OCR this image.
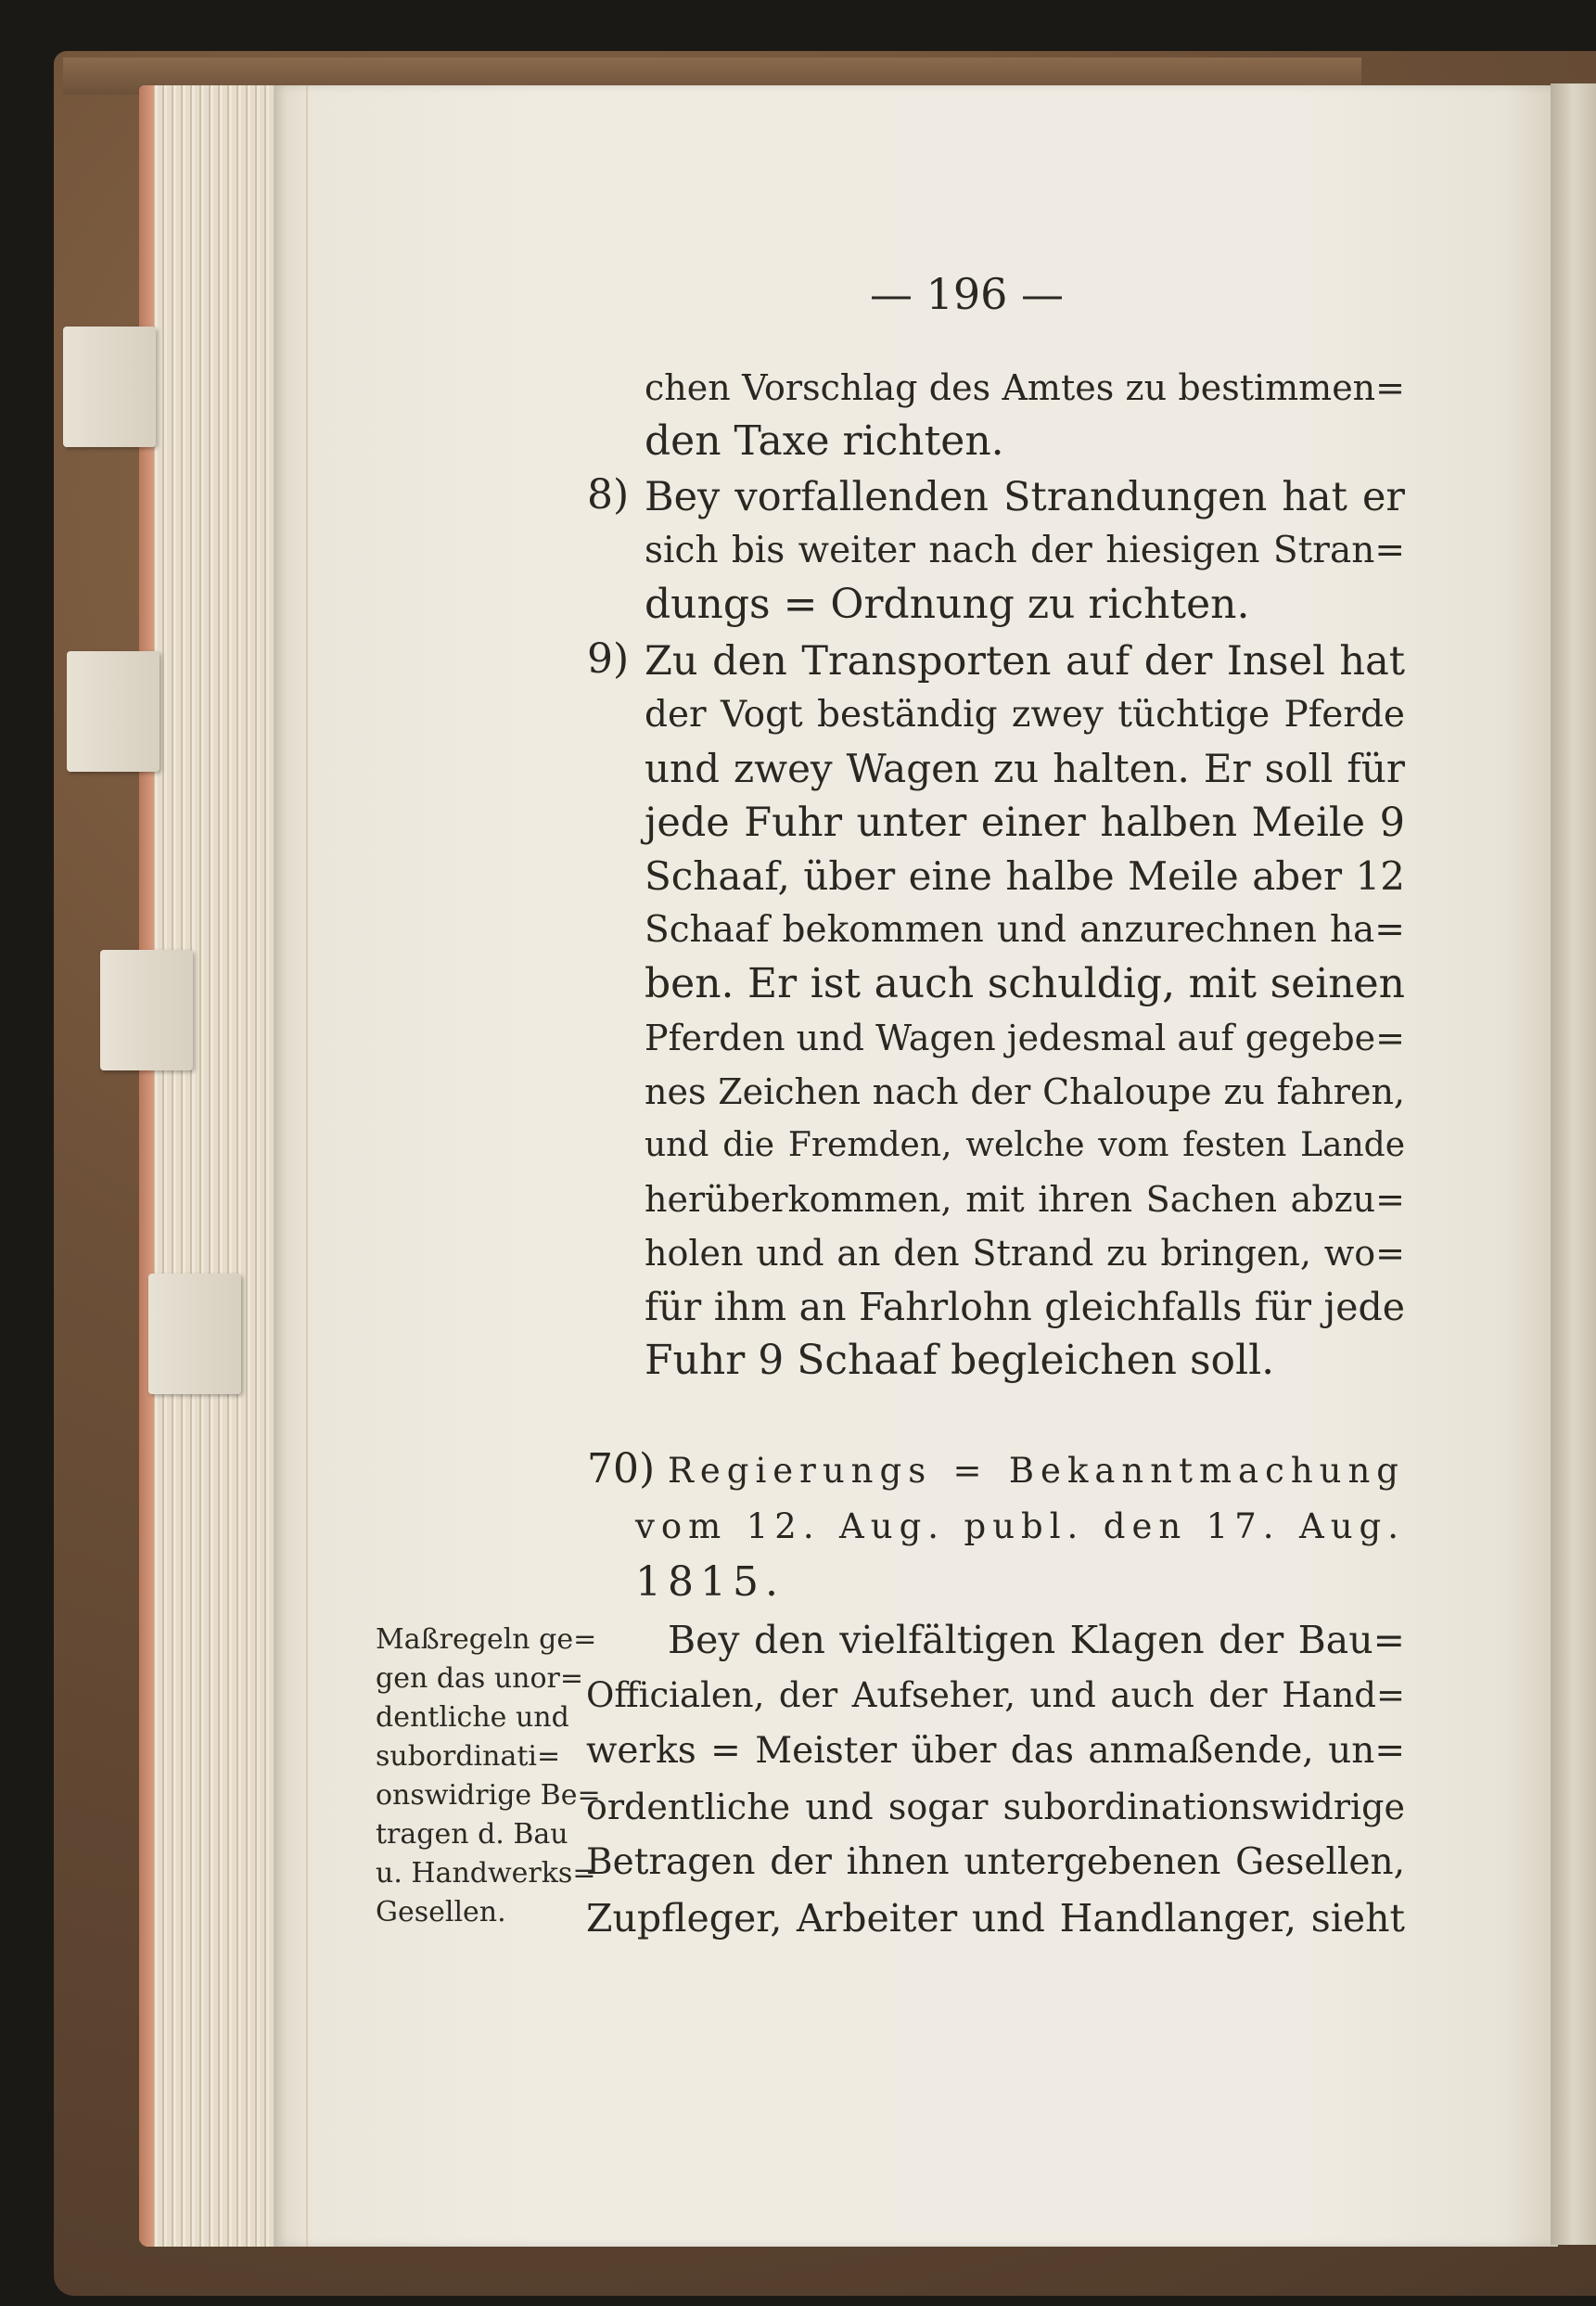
— 196 —
chen Vorschlag des Amtes zu bestimmen=
den Taxe richten.
8) Bey vorfallenden Strandungen hat er
sich bis weiter nach der hiesigen Stran=
dungs = Ordnung zu richten.
9) Zu den Transporten auf der Insel hat
der Vogt beständig zwey tüchtige Pferde
und zwey Wagen zu halten. Er soll für
jede Fuhr unter einer halben Meile 9
Schaaf, über eine halbe Meile aber 12
Schaaf bekommen und anzurechnen ha=
ben. Er ist auch schuldig, mit seinen
Pferden und Wagen jedesmal auf gegebe=
nes Zeichen nach der Chaloupe zu fahren,
und die Fremden, welche vom festen Lande
herüberkommen, mit ihren Sachen abzu=
holen und an den Strand zu bringen, wo=
für ihm an Fahrlohn gleichfalls für jede
Fuhr 9 Schaaf begleichen soll.
70) Regierungs = Bekanntmachung
vom 12. Aug. publ. den 17. Aug.
1815.
Maßregeln ge=
gen das unor=
dentliche und
subordinati=
onswidrige Be=
tragen d. Bau
u. Handwerks=
Gesellen.
Bey den vielfältigen Klagen der Bau=
Officialen, der Aufseher, und auch der Hand=
werks = Meister über das anmaßende, un=
ordentliche und sogar subordinationswidrige
Betragen der ihnen untergebenen Gesellen,
Zupfleger, Arbeiter und Handlanger, sieht
